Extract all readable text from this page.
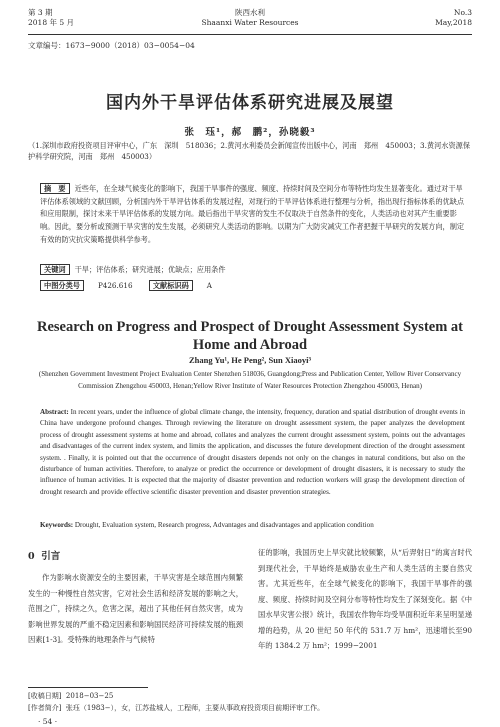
第 3 期
2018 年 5 月
陕西水利
Shaanxi Water Resources
No.3
May,2018
文章编号：1673−9000（2018）03−0054−04
国内外干旱评估体系研究进展及展望
张　珏¹，郝　鹏²，孙晓毅³
（1.深圳市政府投资项目评审中心，广东　深圳　518036；2.黄河水利委员会新闻宣传出版中心，河南　郑州　450003；3.黄河水资源保护科学研究院，河南　郑州　450003）
摘　要 近些年，在全球气候变化的影响下，我国干旱事件的强度、频度、持续时间及空间分布等特性均发生显著变化。通过对干旱评估体系领域的文献回顾，分析国内外干旱评估体系的发展过程，对现行的干旱评估体系进行整理与分析，指出现行指标体系的优缺点和应用限制，探讨未来干旱评估体系的发展方向。最后指出干旱灾害的发生不仅取决于自然条件的变化，人类活动也对其产生重要影响。因此，要分析或预测干旱灾害的发生发展，必须研究人类活动的影响。以期为广大防灾减灾工作者把握干旱研究的发展方向，制定有效的防灾抗灾策略提供科学参考。
关键词 干旱；评估体系；研究进展；优缺点；应用条件
中图分类号	P426.616	文献标识码	A
Research on Progress and Prospect of Drought Assessment System at Home and Abroad
Zhang Yu¹, He Peng², Sun Xiaoyi³
(Shenzhen Government Investment Project Evaluation Center Shenzhen 518036, Guangdong;Press and Publication Center, Yellow River Conservancy Commission Zhengzhou 450003, Henan;Yellow River Institute of Water Resources Protection Zhengzhou 450003, Henan)
Abstract: In recent years, under the influence of global climate change, the intensity, frequency, duration and spatial distribution of drought events in China have undergone profound changes. Through reviewing the literature on drought assessment system, the paper analyzes the development process of drought assessment systems at home and abroad, collates and analyzes the current drought assessment system, points out the advantages and disadvantages of the current index system, and limits the application, and discusses the future development direction of the drought assessment system. . Finally, it is pointed out that the occurrence of drought disasters depends not only on the changes in natural conditions, but also on the disturbance of human activities. Therefore, to analyze or predict the occurrence or development of drought disasters, it is necessary to study the influence of human activities. It is expected that the majority of disaster prevention and reduction workers will grasp the development direction of drought research and provide effective scientific disaster prevention and disaster prevention strategies.
Keywords: Drought, Evaluation system, Research progress, Advantages and disadvantages and application condition
0 引言
作为影响水资源安全的主要因素，干旱灾害是全球范围内频繁发生的一种慢性自然灾害，它对社会生活和经济发展的影响之大，范围之广，持续之久，危害之深，超出了其他任何自然灾害，成为影响世界发展的严重不稳定因素和影响国民经济可持续发展的瓶颈因素[1-3]。受特殊的地理条件与气候特
征的影响，我国历史上旱灾就比较频繁，从“后羿射日”的寓言时代到现代社会，干旱始终是威胁农业生产和人类生活的主要自然灾害。尤其近些年，在全球气候变化的影响下，我国干旱事件的强度、频度、持续时间及空间分布等特性均发生了深刻变化。据《中国水旱灾害公报》统计，我国农作物年均受旱面积近年来呈明显递增的趋势，从 20 世纪 50 年代的 531.7 万 hm²，迅速增长至90 年的 1384.2 万 hm²；1999−2001
[收稿日期] 2018−03−25
[作者简介] 张珏（1983−），女，江苏盐城人，工程师，主要从事政府投资项目前期评审工作。
· 54 ·
